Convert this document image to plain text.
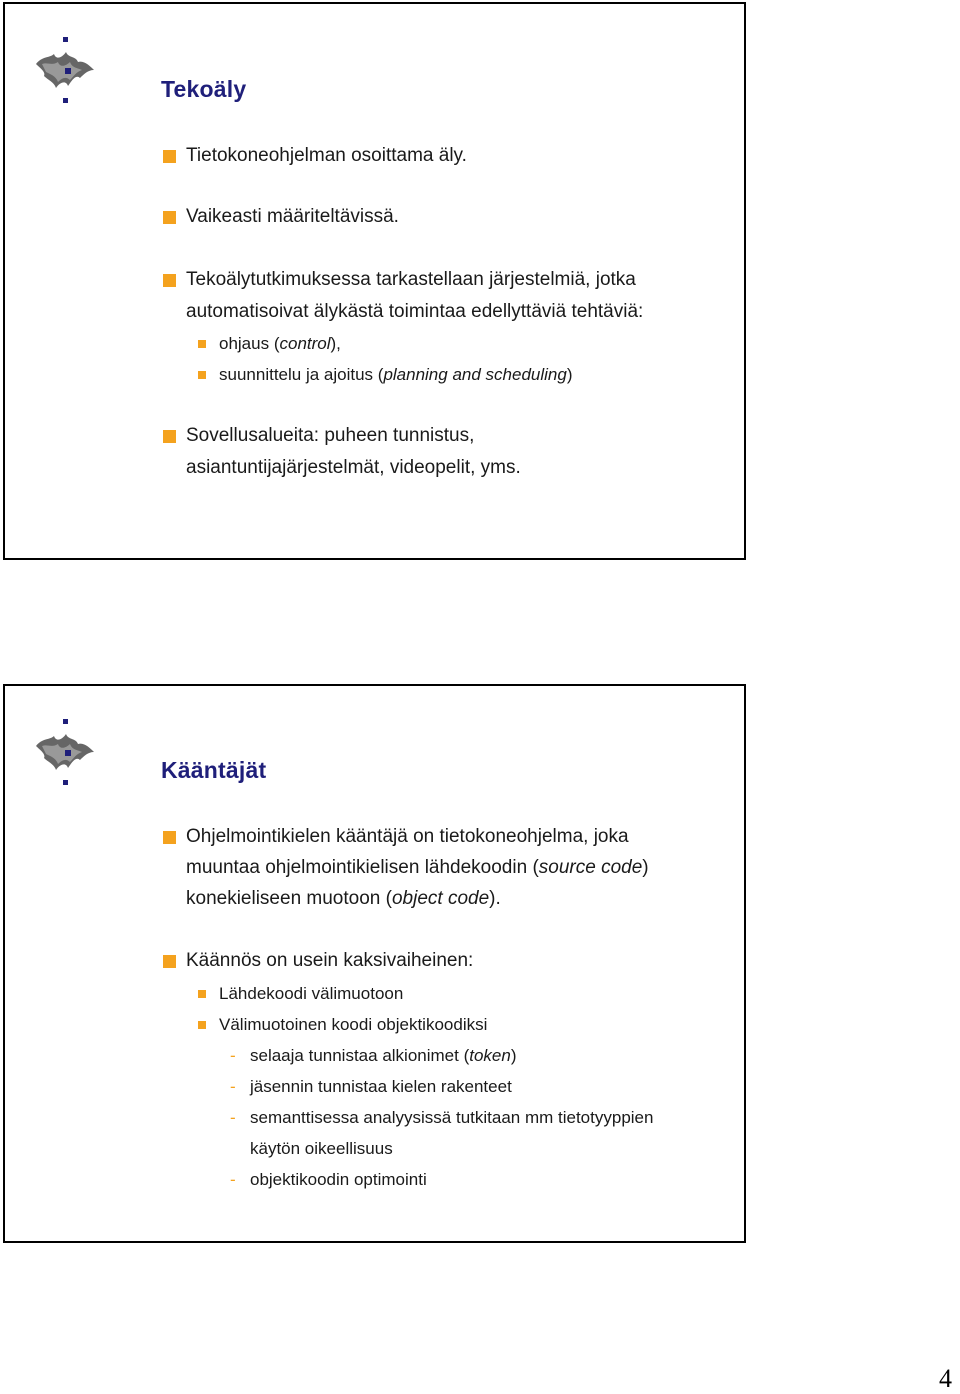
Tekoäly
Tietokoneohjelman osoittama äly.
Vaikeasti määriteltävissä.
Tekoälytutkimuksessa tarkastellaan järjestelmiä, jotka
automatisoivat älykästä toimintaa edellyttäviä tehtäviä:
ohjaus (control),
suunnittelu ja ajoitus (planning and scheduling)
Sovellusalueita: puheen tunnistus,
asiantuntijajärjestelmät, videopelit, yms.
Kääntäjät
Ohjelmointikielen kääntäjä on tietokoneohjelma, joka
muuntaa ohjelmointikielisen lähdekoodin (source code)
konekieliseen muotoon (object code).
Käännös on usein kaksivaiheinen:
Lähdekoodi välimuotoon
Välimuotoinen koodi objektikoodiksi
- selaaja tunnistaa alkionimet (token)
- jäsennin tunnistaa kielen rakenteet
- semanttisessa analyysissä tutkitaan mm tietotyyppien
käytön oikeellisuus
- objektikoodin optimointi
4
